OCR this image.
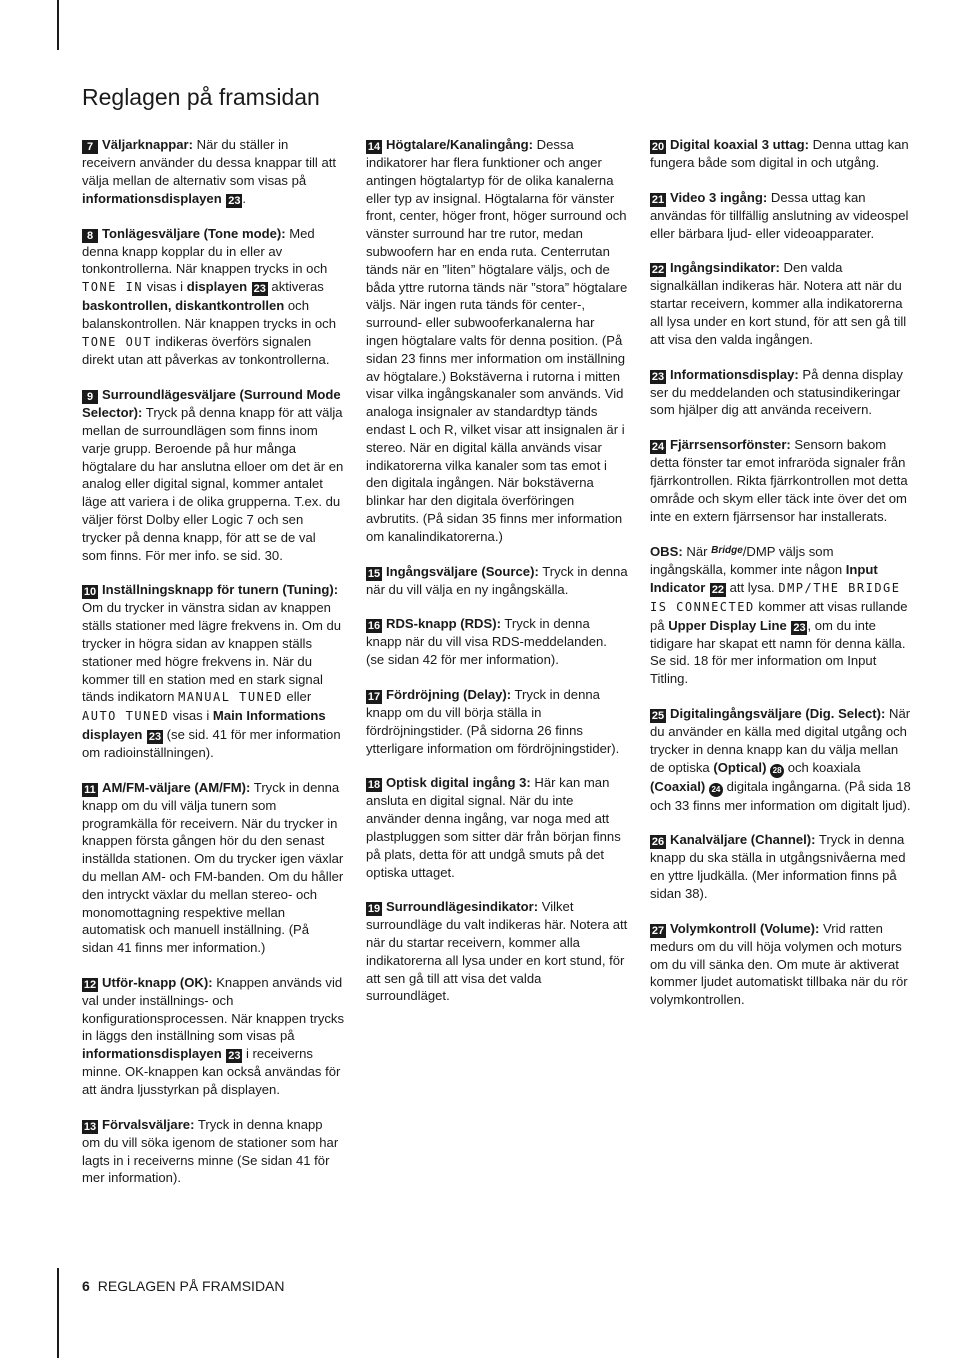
Reglagen på framsidan

7 Väljarknappar: När du ställer in receivern använder du dessa knappar till att välja mellan de alternativ som visas på informationsdisplayen 23 .

8 Tonlägesväljare (Tone mode): Med denna knapp kopplar du in eller av tonkontrollerna. När knappen trycks in och TONE IN visas i displayen 23 aktiveras baskontrollen, diskantkontrollen och balanskontrollen. När knappen trycks in och TONE OUT indikeras överförs signalen direkt utan att påverkas av tonkontrollerna.

9 Surroundlägesväljare (Surround Mode Selector): Tryck på denna knapp för att välja mellan de surroundlägen som finns inom varje grupp. Beroende på hur många högtalare du har anslutna elloer om det är en analog eller digital signal, kommer antalet läge att variera i de olika grupperna. T.ex. du väljer först Dolby eller Logic 7 och sen trycker på denna knapp, för att se de val som finns. För mer info. se sid. 30.

10 Inställningsknapp för tunern (Tuning): Om du trycker in vänstra sidan av knappen ställs stationer med lägre frekvens in. Om du trycker in högra sidan av knappen ställs stationer med högre frekvens in. När du kommer till en station med en stark signal tänds indikatorn MANUAL TUNED eller AUTO TUNED visas i Main Informations displayen 23 (se sid. 41 för mer information om radioinställningen).

11 AM/FM-väljare (AM/FM): Tryck in denna knapp om du vill välja tunern som programkälla för receivern. När du trycker in knappen första gången hör du den senast inställda stationen. Om du trycker igen växlar du mellan AM- och FM-banden. Om du håller den intryckt växlar du mellan stereo- och monomottagning respektive mellan automatisk och manuell inställning. (På sidan 41 finns mer information.)

12 Utför-knapp (OK): Knappen används vid val under inställnings- och konfigurationsprocessen. När knappen trycks in läggs den inställning som visas på informationsdisplayen 23 i receiverns minne. OK-knappen kan också användas för att ändra ljusstyrkan på displayen.

13 Förvalsväljare: Tryck in denna knapp om du vill söka igenom de stationer som har lagts in i receiverns minne (Se sidan 41 för mer information).

14 Högtalare/Kanalingång: Dessa indikatorer har flera funktioner och anger antingen högtalartyp för de olika kanalerna eller typ av insignal. Högtalarna för vänster front, center, höger front, höger surround och vänster surround har tre rutor, medan subwoofern har en enda ruta. Centerrutan tänds när en ”liten” högtalare väljs, och de båda yttre rutorna tänds när ”stora” högtalare väljs. När ingen ruta tänds för center-, surround- eller subwooferkanalerna har ingen högtalare valts för denna position. (På sidan 23 finns mer information om inställning av högtalare.) Bokstäverna i rutorna i mitten visar vilka ingångskanaler som används. Vid analoga insignaler av standardtyp tänds endast L och R, vilket visar att insignalen är i stereo. När en digital källa används visar indikatorerna vilka kanaler som tas emot i den digitala ingången. När bokstäverna blinkar har den digitala överföringen avbrutits. (På sidan 35 finns mer information om kanalindikatorerna.)

15 Ingångsväljare (Source): Tryck in denna när du vill välja en ny ingångskälla.

16 RDS-knapp (RDS): Tryck in denna knapp när du vill visa RDS-meddelanden. (se sidan 42 för mer information).

17 Fördröjning (Delay): Tryck in denna knapp om du vill börja ställa in fördröjningstider. (På sidorna 26 finns ytterligare information om fördröjningstider).

18 Optisk digital ingång 3: Här kan man ansluta en digital signal. När du inte använder denna ingång, var noga med att plastpluggen som sitter där från början finns på plats, detta för att undgå smuts på det optiska uttaget.

19 Surroundlägesindikator: Vilket surroundläge du valt indikeras här. Notera att när du startar receivern, kommer alla indikatorerna all lysa under en kort stund, för att sen gå till att visa det valda surroundläget.

20 Digital koaxial 3 uttag: Denna uttag kan fungera både som digital in och utgång.

21 Video 3 ingång: Dessa uttag kan användas för tillfällig anslutning av videospel eller bärbara ljud- eller videoapparater.

22 Ingångsindikator: Den valda signalkällan indikeras här. Notera att när du startar receivern, kommer alla indikatorerna all lysa under en kort stund, för att sen gå till att visa den valda ingången.

23 Informationsdisplay: På denna display ser du meddelanden och statusindikeringar som hjälper dig att använda receivern.

24 Fjärrsensorfönster: Sensorn bakom detta fönster tar emot infraröda signaler från fjärrkontrollen. Rikta fjärrkontrollen mot detta område och skym eller täck inte över det om inte en extern fjärrsensor har installerats.

OBS: När $^{Bridge}$/DMP väljs som ingångskälla, kommer inte någon Input Indicator 22 att lysa. DMP/THE BRIDGE IS CONNECTED kommer att visas rullande på Upper Display Line 23 , om du inte tidigare har skapat ett namn för denna källa. Se sid. 18 för mer information om Input Titling.

25 Digitalingångsväljare (Dig. Select): När du använder en källa med digital utgång och trycker in denna knapp kan du välja mellan de optiska (Optical) 28 och koaxiala (Coaxial) 24 digitala ingångarna. (På sida 18 och 33 finns mer information om digitalt ljud).

26 Kanalväljare (Channel): Tryck in denna knapp du ska ställa in utgångsnivåerna med en yttre ljudkälla. (Mer information finns på sidan 38).

27 Volymkontroll (Volume): Vrid ratten medurs om du vill höja volymen och moturs om du vill sänka den. Om mute är aktiverat kommer ljudet automatiskt tillbaka när du rör volymkontrollen.

6 REGLAGEN PÅ FRAMSIDAN
